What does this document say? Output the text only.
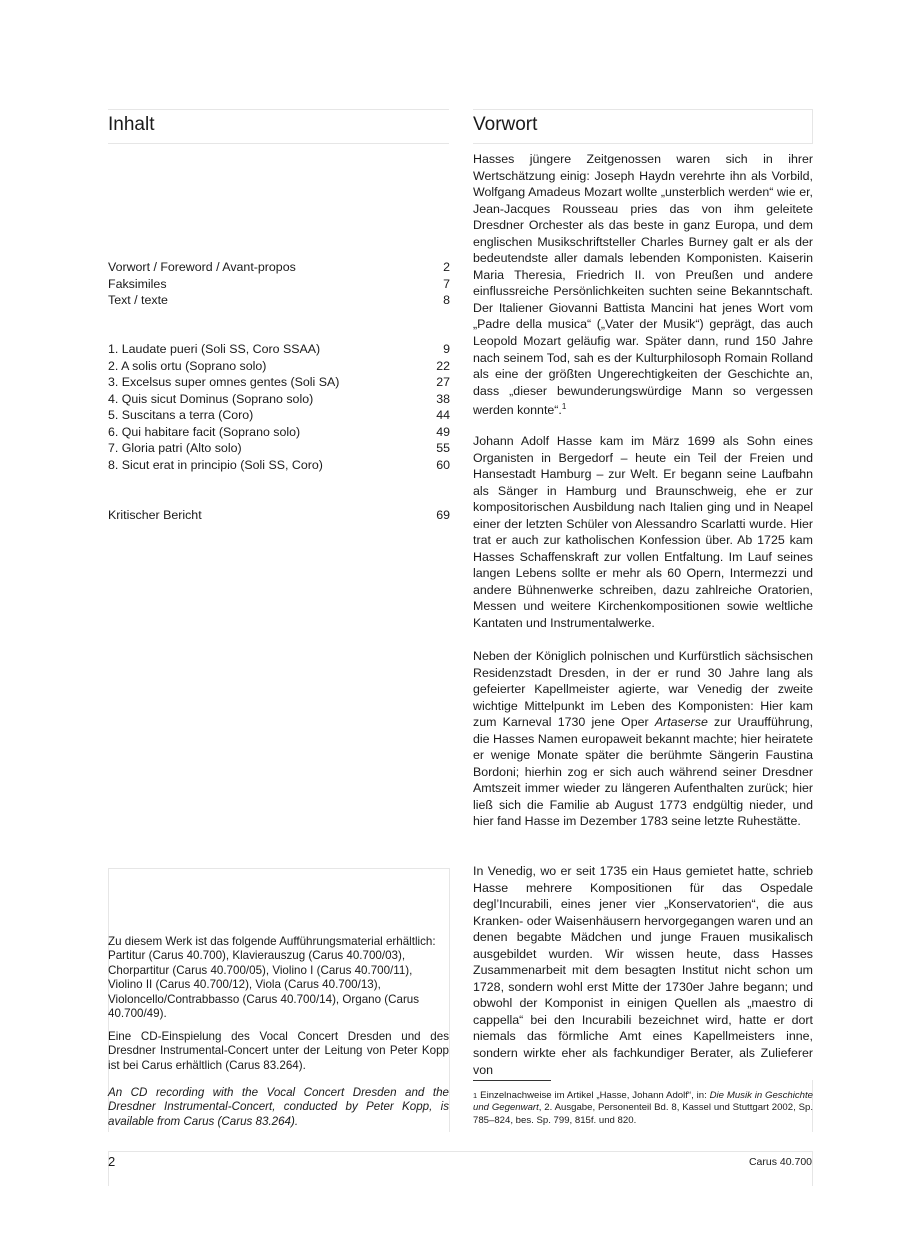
Inhalt	Vorwort
Vorwort / Foreword / Avant-propos	2
Faksimiles	7
Text / texte	8
1. Laudate pueri (Soli SS, Coro SSAA)	9
2. A solis ortu (Soprano solo)	22
3. Excelsus super omnes gentes (Soli SA)	27
4. Quis sicut Dominus (Soprano solo)	38
5. Suscitans a terra (Coro)	44
6. Qui habitare facit (Soprano solo)	49
7. Gloria patri (Alto solo)	55
8. Sicut erat in principio (Soli SS, Coro)	60
Kritischer Bericht	69

Zu diesem Werk ist das folgende Aufführungsmaterial erhältlich: Partitur (Carus 40.700), Klavierauszug (Carus 40.700/03), Chorpartitur (Carus 40.700/05), Violino I (Carus 40.700/11), Violino II (Carus 40.700/12), Viola (Carus 40.700/13), Violoncello/Contrabbasso (Carus 40.700/14), Organo (Carus 40.700/49).

Eine CD-Einspielung des Vocal Concert Dresden und des Dresdner Instrumental-Concert unter der Leitung von Peter Kopp ist bei Carus erhältlich (Carus 83.264).

An CD recording with the Vocal Concert Dresden and the Dresdner Instrumental-Concert, conducted by Peter Kopp, is available from Carus (Carus 83.264).

Hasses jüngere Zeitgenossen waren sich in ihrer Wertschätzung einig: Joseph Haydn verehrte ihn als Vorbild, Wolfgang Amadeus Mozart wollte „unsterblich werden“ wie er, Jean-Jacques Rousseau pries das von ihm geleitete Dresdner Orchester als das beste in ganz Europa, und dem englischen Musikschriftsteller Charles Burney galt er als der bedeutendste aller damals lebenden Komponisten. Kaiserin Maria Theresia, Friedrich II. von Preußen und andere einflussreiche Persönlichkeiten suchten seine Bekanntschaft. Der Italiener Giovanni Battista Mancini hat jenes Wort vom „Padre della musica“ („Vater der Musik“) geprägt, das auch Leopold Mozart geläufig war. Später dann, rund 150 Jahre nach seinem Tod, sah es der Kulturphilosoph Romain Rolland als eine der größten Ungerechtigkeiten der Geschichte an, dass „dieser bewunderungswürdige Mann so vergessen werden konnte“.$^1$

Johann Adolf Hasse kam im März 1699 als Sohn eines Organisten in Bergedorf – heute ein Teil der Freien und Hansestadt Hamburg – zur Welt. Er begann seine Laufbahn als Sänger in Hamburg und Braunschweig, ehe er zur kompositorischen Ausbildung nach Italien ging und in Neapel einer der letzten Schüler von Alessandro Scarlatti wurde. Hier trat er auch zur katholischen Konfession über. Ab 1725 kam Hasses Schaffenskraft zur vollen Entfaltung. Im Lauf seines langen Lebens sollte er mehr als 60 Opern, Intermezzi und andere Bühnenwerke schreiben, dazu zahlreiche Oratorien, Messen und weitere Kirchenkompositionen sowie weltliche Kantaten und Instrumentalwerke.

Neben der Königlich polnischen und Kurfürstlich sächsischen Residenzstadt Dresden, in der er rund 30 Jahre lang als gefeierter Kapellmeister agierte, war Venedig der zweite wichtige Mittelpunkt im Leben des Komponisten: Hier kam zum Karneval 1730 jene Oper Artaserse zur Uraufführung, die Hasses Namen europaweit bekannt machte; hier heiratete er wenige Monate später die berühmte Sängerin Faustina Bordoni; hierhin zog er sich auch während seiner Dresdner Amtszeit immer wieder zu längeren Aufenthalten zurück; hier ließ sich die Familie ab August 1773 endgültig nieder, und hier fand Hasse im Dezember 1783 seine letzte Ruhestätte.

In Venedig, wo er seit 1735 ein Haus gemietet hatte, schrieb Hasse mehrere Kompositionen für das Ospedale degl’Incurabili, eines jener vier „Konservatorien“, die aus Kranken- oder Waisenhäusern hervorgegangen waren und an denen begabte Mädchen und junge Frauen musikalisch ausgebildet wurden. Wir wissen heute, dass Hasses Zusammenarbeit mit dem besagten Institut nicht schon um 1728, sondern wohl erst Mitte der 1730er Jahre begann; und obwohl der Komponist in einigen Quellen als „maestro di cappella“ bei den Incurabili bezeichnet wird, hatte er dort niemals das förmliche Amt eines Kapellmeisters inne, sondern wirkte eher als fachkundiger Berater, als Zulieferer von

$^1$ Einzelnachweise im Artikel „Hasse, Johann Adolf“, in: Die Musik in Geschichte und Gegenwart, 2. Ausgabe, Personenteil Bd. 8, Kassel und Stuttgart 2002, Sp. 785–824, bes. Sp. 799, 815f. und 820.
2	Carus 40.700
